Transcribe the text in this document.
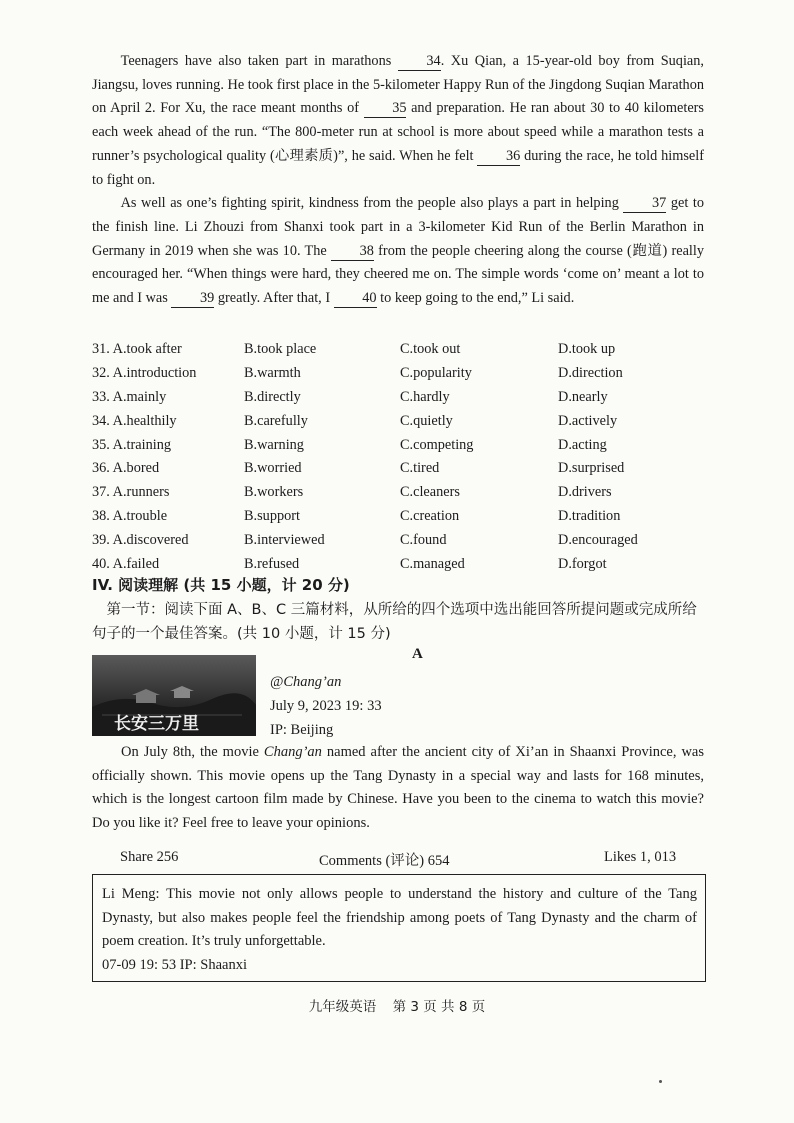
Teenagers have also taken part in marathons 34. Xu Qian, a 15-year-old boy from Suqian, Jiangsu, loves running. He took first place in the 5-kilometer Happy Run of the Jingdong Suqian Marathon on April 2. For Xu, the race meant months of 35 and preparation. He ran about 30 to 40 kilometers each week ahead of the run. “The 800-meter run at school is more about speed while a marathon tests a runner’s psychological quality (心理素质)”, he said. When he felt 36 during the race, he told himself to fight on.

As well as one’s fighting spirit, kindness from the people also plays a part in helping 37 get to the finish line. Li Zhouzi from Shanxi took part in a 3-kilometer Kid Run of the Berlin Marathon in Germany in 2019 when she was 10. The 38 from the people cheering along the course (跑道) really encouraged her. “When things were hard, they cheered me on. The simple words ‘come on’ meant a lot to me and I was 39 greatly. After that, I 40 to keep going to the end,” Li said.

31. A.took after	B.took place	C.took out	D.took up
32. A.introduction	B.warmth	C.popularity	D.direction
33. A.mainly	B.directly	C.hardly	D.nearly
34. A.healthily	B.carefully	C.quietly	D.actively
35. A.training	B.warning	C.competing	D.acting
36. A.bored	B.worried	C.tired	D.surprised
37. A.runners	B.workers	C.cleaners	D.drivers
38. A.trouble	B.support	C.creation	D.tradition
39. A.discovered	B.interviewed	C.found	D.encouraged
40. A.failed	B.refused	C.managed	D.forgot
IV. 阅读理解 (共 15 小题，计 20 分)
第一节：阅读下面 A、B、C 三篇材料，从所给的四个选项中选出能回答所提问题或完成所给句子的一个最佳答案。(共 10 小题，计 15 分)
A
长安三万里
@Chang’an
July 9, 2023 19: 33
IP: Beijing

On July 8th, the movie Chang’an named after the ancient city of Xi’an in Shaanxi Province, was officially shown. This movie opens up the Tang Dynasty in a special way and lasts for 168 minutes, which is the longest cartoon film made by Chinese. Have you been to the cinema to watch this movie? Do you like it? Feel free to leave your opinions.

Share 256	Comments (评论) 654	Likes 1, 013
Li Meng: This movie not only allows people to understand the history and culture of the Tang Dynasty, but also makes people feel the friendship among poets of Tang Dynasty and the charm of poem creation. It’s truly unforgettable.
07-09 19: 53 IP: Shaanxi
九年级英语 第 3 页 共 8 页
